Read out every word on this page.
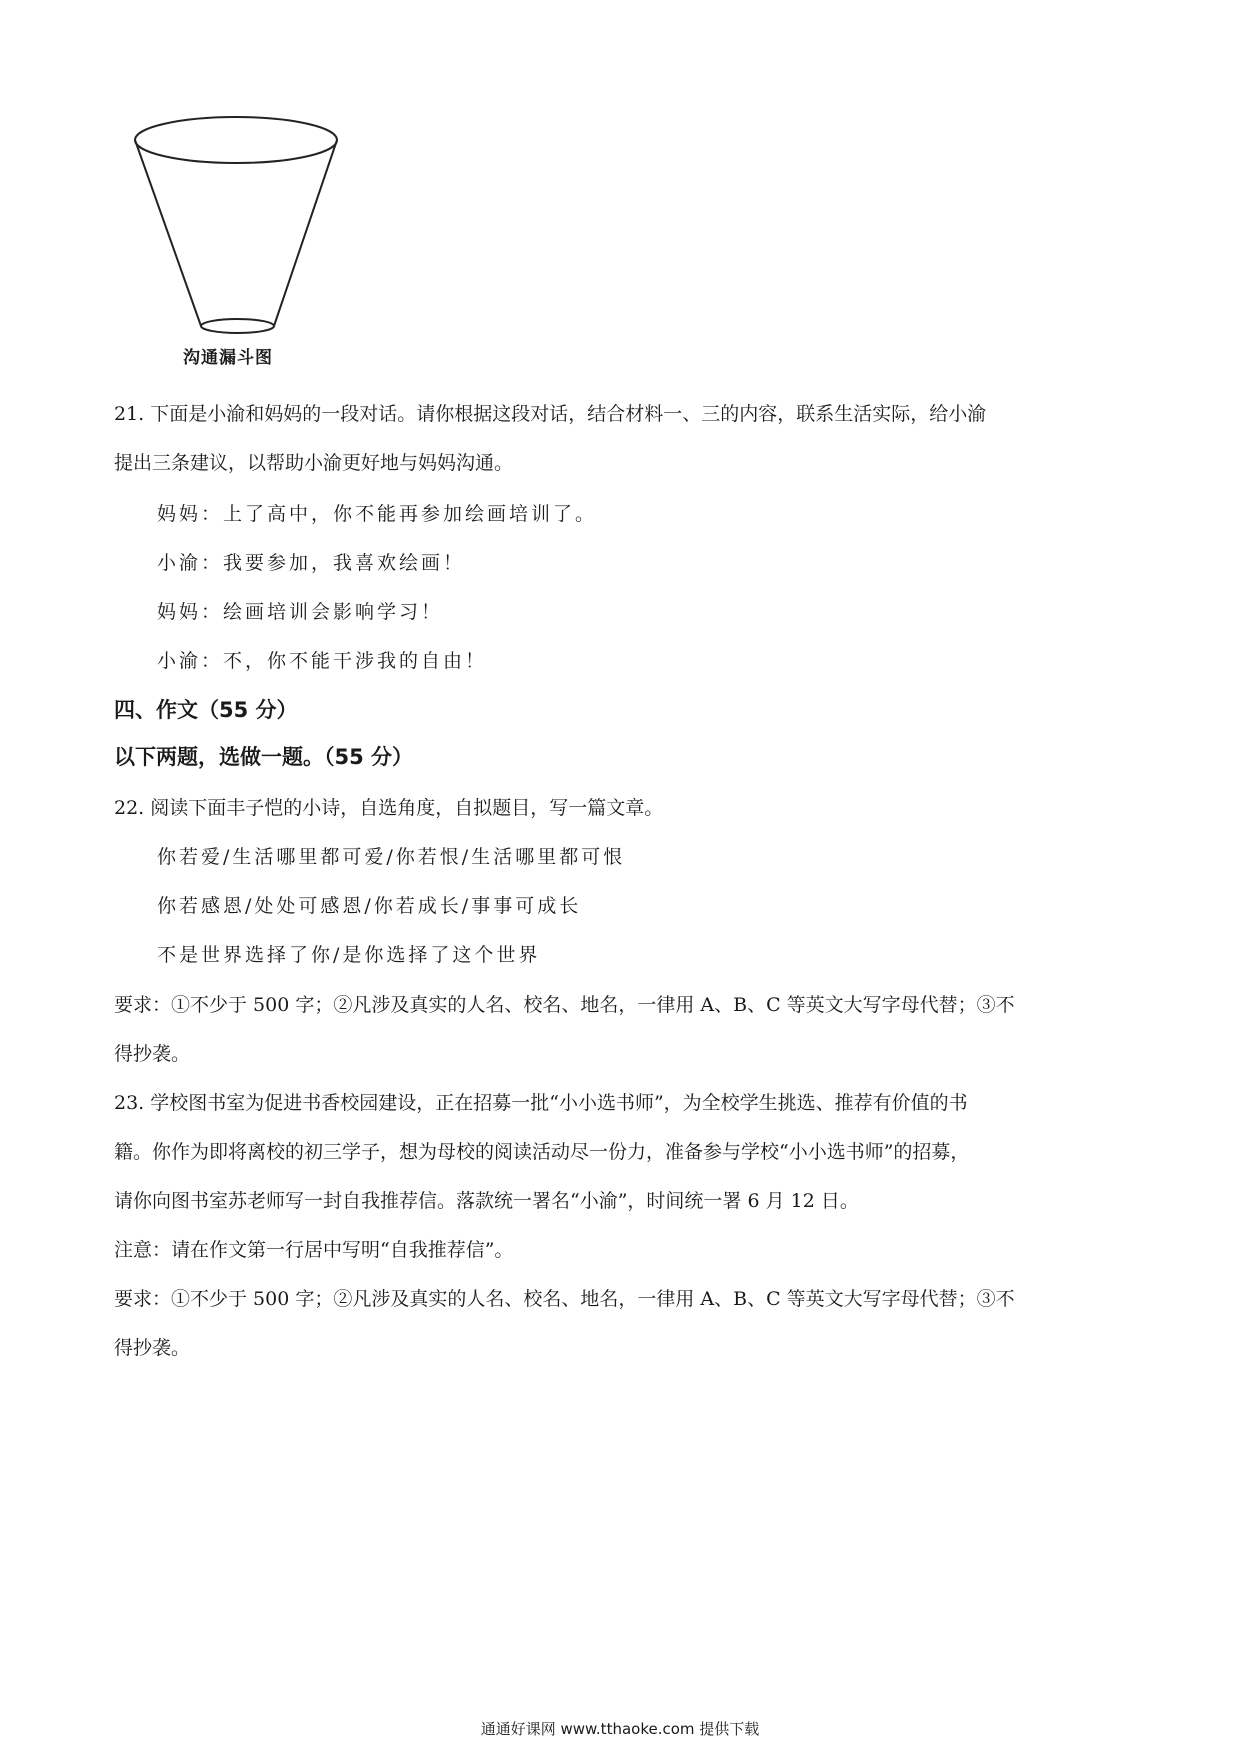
沟通漏斗图
21. 下面是小渝和妈妈的一段对话。请你根据这段对话，结合材料一、三的内容，联系生活实际，给小渝
提出三条建议，以帮助小渝更好地与妈妈沟通。
妈妈：上了高中，你不能再参加绘画培训了。
小渝：我要参加，我喜欢绘画！
妈妈：绘画培训会影响学习！
小渝：不，你不能干涉我的自由！
四、作文（55 分）
以下两题，选做一题。（55 分）
22. 阅读下面丰子恺的小诗，自选角度，自拟题目，写一篇文章。
你若爱/生活哪里都可爱/你若恨/生活哪里都可恨
你若感恩/处处可感恩/你若成长/事事可成长
不是世界选择了你/是你选择了这个世界
要求：①不少于 500 字；②凡涉及真实的人名、校名、地名，一律用 A、B、C 等英文大写字母代替；③不
得抄袭。
23. 学校图书室为促进书香校园建设，正在招募一批“小小选书师”，为全校学生挑选、推荐有价值的书
籍。你作为即将离校的初三学子，想为母校的阅读活动尽一份力，准备参与学校“小小选书师”的招募，
请你向图书室苏老师写一封自我推荐信。落款统一署名“小渝”，时间统一署 6 月 12 日。
注意：请在作文第一行居中写明“自我推荐信”。
要求：①不少于 500 字；②凡涉及真实的人名、校名、地名，一律用 A、B、C 等英文大写字母代替；③不
得抄袭。
通通好课网 www.tthaoke.com 提供下载
